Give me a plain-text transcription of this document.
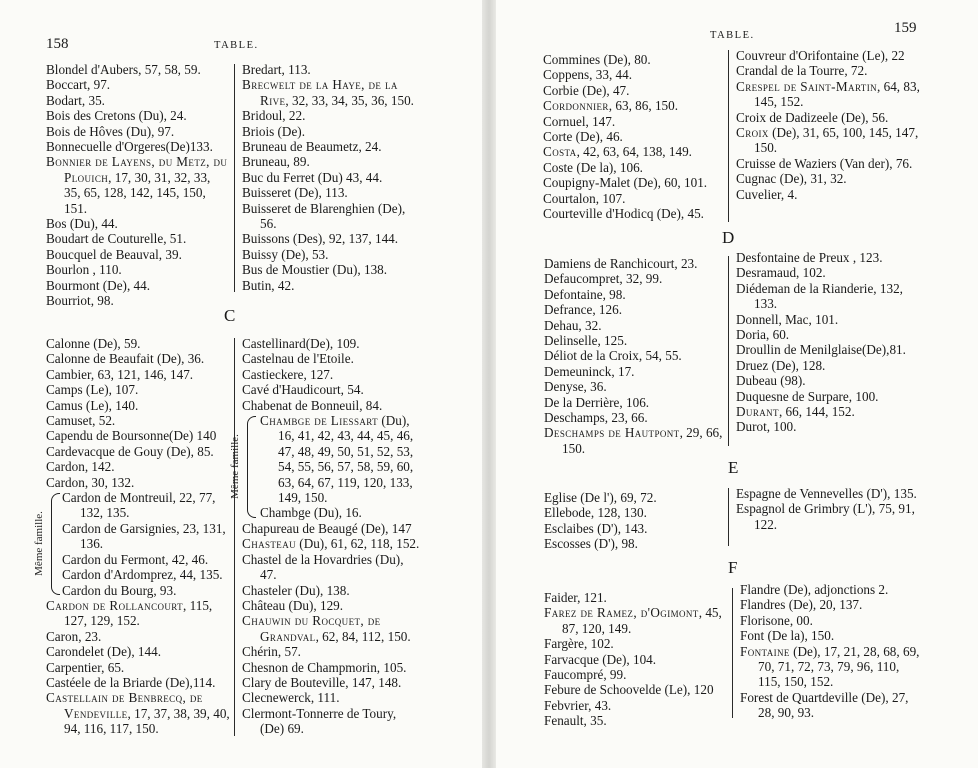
158	TABLE.
Blondel d'Aubers, 57, 58, 59.
Boccart, 97.
Bodart, 35.
Bois des Cretons (Du), 24.
Bois de Hôves (Du), 97.
Bonnecuelle d'Orgeres(De)133.
Bonnier de Layens, du Metz, du Plouich, 17, 30, 31, 32, 33, 35, 65, 128, 142, 145, 150, 151.
Bos (Du), 44.
Boudart de Couturelle, 51.
Boucquel de Beauval, 39.
Bourlon , 110.
Bourmont (De), 44.
Bourriot, 98.
Bredart, 113.
Brecwelt de la Haye, de la Rive, 32, 33, 34, 35, 36, 150.
Bridoul, 22.
Briois (De).
Bruneau de Beaumetz, 24.
Bruneau, 89.
Buc du Ferret (Du) 43, 44.
Buisseret (De), 113.
Buisseret de Blarenghien (De), 56.
Buissons (Des), 92, 137, 144.
Buissy (De), 53.
Bus de Moustier (Du), 138.
Butin, 42.
C
Calonne (De), 59.
Calonne de Beaufait (De), 36.
Cambier, 63, 121, 146, 147.
Camps (Le), 107.
Camus (Le), 140.
Camuset, 52.
Capendu de Boursonne(De) 140
Cardevacque de Gouy (De), 85.
Cardon, 142.
Cardon, 30, 132.
Même famille.
Cardon de Montreuil, 22, 77, 132, 135.
Cardon de Garsignies, 23, 131, 136.
Cardon du Fermont, 42, 46.
Cardon d'Ardomprez, 44, 135.
Cardon du Bourg, 93.
Cardon de Rollancourt, 115, 127, 129, 152.
Caron, 23.
Carondelet (De), 144.
Carpentier, 65.
Castéele de la Briarde (De),114.
Castellain de Benbrecq, de Vendeville, 17, 37, 38, 39, 40, 94, 116, 117, 150.
Castellinard(De), 109.
Castelnau de l'Etoile.
Castieckere, 127.
Cavé d'Haudicourt, 54.
Chabenat de Bonneuil, 84.
Même famille.
Chambge de Liessart (Du), 16, 41, 42, 43, 44, 45, 46, 47, 48, 49, 50, 51, 52, 53, 54, 55, 56, 57, 58, 59, 60, 63, 64, 67, 119, 120, 133, 149, 150.
Chambge (Du), 16.
Chapureau de Beaugé (De), 147
Chasteau (Du), 61, 62, 118, 152.
Chastel de la Hovardries (Du), 47.
Chasteler (Du), 138.
Château (Du), 129.
Chauwin du Rocquet, de Grandval, 62, 84, 112, 150.
Chérin, 57.
Chesnon de Champmorin, 105.
Clary de Bouteville, 147, 148.
Clecnewerck, 111.
Clermont-Tonnerre de Toury, (De) 69.
159
TABLE.
Commines (De), 80.
Coppens, 33, 44.
Corbie (De), 47.
Cordonnier, 63, 86, 150.
Cornuel, 147.
Corte (De), 46.
Costa, 42, 63, 64, 138, 149.
Coste (De la), 106.
Coupigny-Malet (De), 60, 101.
Courtalon, 107.
Courteville d'Hodicq (De), 45.
Couvreur d'Orifontaine (Le), 22
Crandal de la Tourre, 72.
Crespel de Saint-Martin, 64, 83, 145, 152.
Croix de Dadizeele (De), 56.
Croix (De), 31, 65, 100, 145, 147, 150.
Cruisse de Waziers (Van der), 76.
Cugnac (De), 31, 32.
Cuvelier, 4.
D
Damiens de Ranchicourt, 23.
Defaucompret, 32, 99.
Defontaine, 98.
Defrance, 126.
Dehau, 32.
Delinselle, 125.
Déliot de la Croix, 54, 55.
Demeuninck, 17.
Denyse, 36.
De la Derrière, 106.
Deschamps, 23, 66.
Deschamps de Hautpont, 29, 66, 150.
Desfontaine de Preux , 123.
Desramaud, 102.
Diédeman de la Rianderie, 132, 133.
Donnell, Mac, 101.
Doria, 60.
Droullin de Menilglaise(De),81.
Druez (De), 128.
Dubeau (98).
Duquesne de Surpare, 100.
Durant, 66, 144, 152.
Durot, 100.
E
Eglise (De l'), 69, 72.
Ellebode, 128, 130.
Esclaibes (D'), 143.
Escosses (D'), 98.
Espagne de Vennevelles (D'), 135.
Espagnol de Grimbry (L'), 75, 91, 122.
F
Faider, 121.
Farez de Ramez, d'Ogimont, 45, 87, 120, 149.
Fargère, 102.
Farvacque (De), 104.
Faucompré, 99.
Febure de Schoovelde (Le), 120
Febvrier, 43.
Fenault, 35.
Flandre (De), adjonctions 2.
Flandres (De), 20, 137.
Florisone, 00.
Font (De la), 150.
Fontaine (De), 17, 21, 28, 68, 69, 70, 71, 72, 73, 79, 96, 110, 115, 150, 152.
Forest de Quartdeville (De), 27, 28, 90, 93.
